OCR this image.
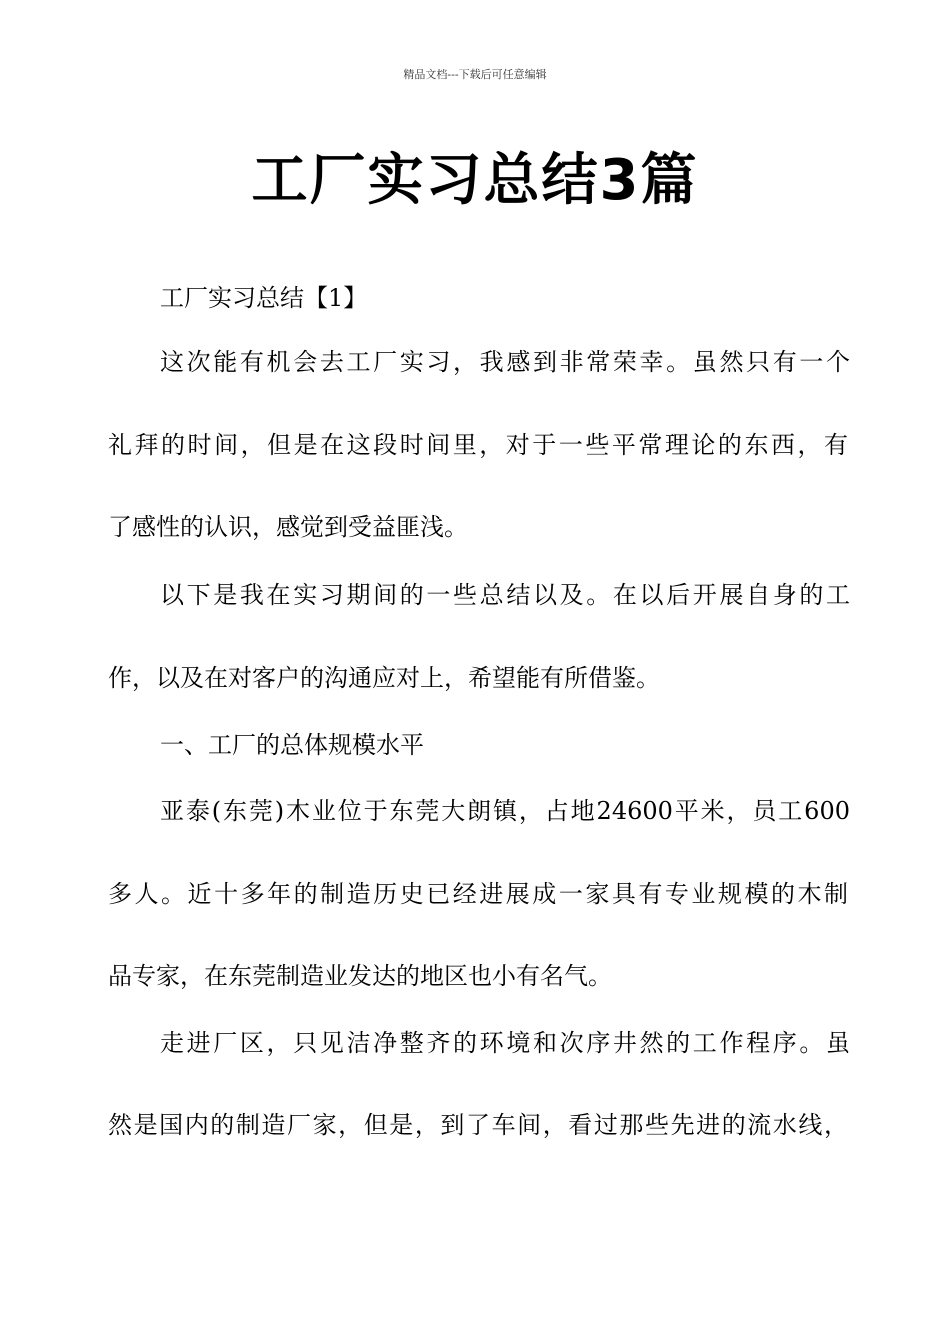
精品文档---下载后可任意编辑
工厂实习总结3篇
工厂实习总结【1】
这次能有机会去工厂实习，我感到非常荣幸。虽然只有一个
礼拜的时间，但是在这段时间里，对于一些平常理论的东西，有
了感性的认识，感觉到受益匪浅。
以下是我在实习期间的一些总结以及。在以后开展自身的工
作，以及在对客户的沟通应对上，希望能有所借鉴。
一、工厂的总体规模水平
亚泰(东莞)木业位于东莞大朗镇，占地24600平米，员工600
多人。近十多年的制造历史已经进展成一家具有专业规模的木制
品专家，在东莞制造业发达的地区也小有名气。
走进厂区，只见洁净整齐的环境和次序井然的工作程序。虽
然是国内的制造厂家，但是，到了车间，看过那些先进的流水线，
